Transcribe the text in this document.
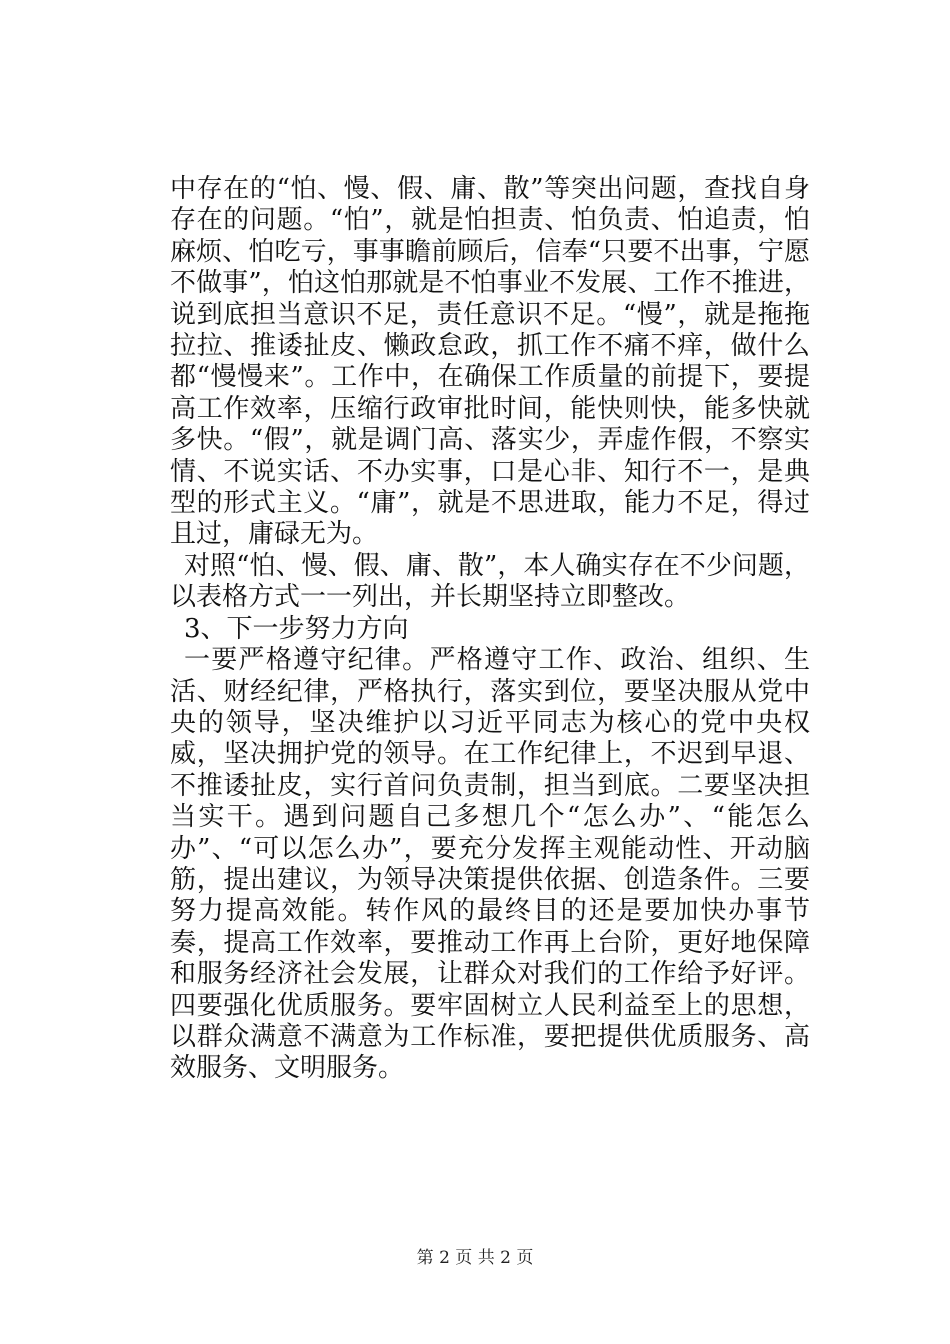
中存在的“怕、慢、假、庸、散”等突出问题，查找自身存在的问题。“怕”，就是怕担责、怕负责、怕追责，怕麻烦、怕吃亏，事事瞻前顾后，信奉“只要不出事，宁愿不做事”，怕这怕那就是不怕事业不发展、工作不推进，说到底担当意识不足，责任意识不足。“慢”，就是拖拖拉拉、推诿扯皮、懒政怠政，抓工作不痛不痒，做什么都“慢慢来”。工作中，在确保工作质量的前提下，要提高工作效率，压缩行政审批时间，能快则快，能多快就多快。“假”，就是调门高、落实少，弄虚作假，不察实情、不说实话、不办实事，口是心非、知行不一，是典型的形式主义。“庸”，就是不思进取，能力不足，得过且过，庸碌无为。

对照“怕、慢、假、庸、散”，本人确实存在不少问题，以表格方式一一列出，并长期坚持立即整改。

3、下一步努力方向

一要严格遵守纪律。严格遵守工作、政治、组织、生活、财经纪律，严格执行，落实到位，要坚决服从党中央的领导，坚决维护以习近平同志为核心的党中央权威，坚决拥护党的领导。在工作纪律上，不迟到早退、不推诿扯皮，实行首问负责制，担当到底。二要坚决担当实干。遇到问题自己多想几个“怎么办”、“能怎么办”、“可以怎么办”，要充分发挥主观能动性、开动脑筋，提出建议，为领导决策提供依据、创造条件。三要努力提高效能。转作风的最终目的还是要加快办事节奏，提高工作效率，要推动工作再上台阶，更好地保障和服务经济社会发展，让群众对我们的工作给予好评。四要强化优质服务。要牢固树立人民利益至上的思想，以群众满意不满意为工作标准，要把提供优质服务、高效服务、文明服务。

第 2 页 共 2 页
